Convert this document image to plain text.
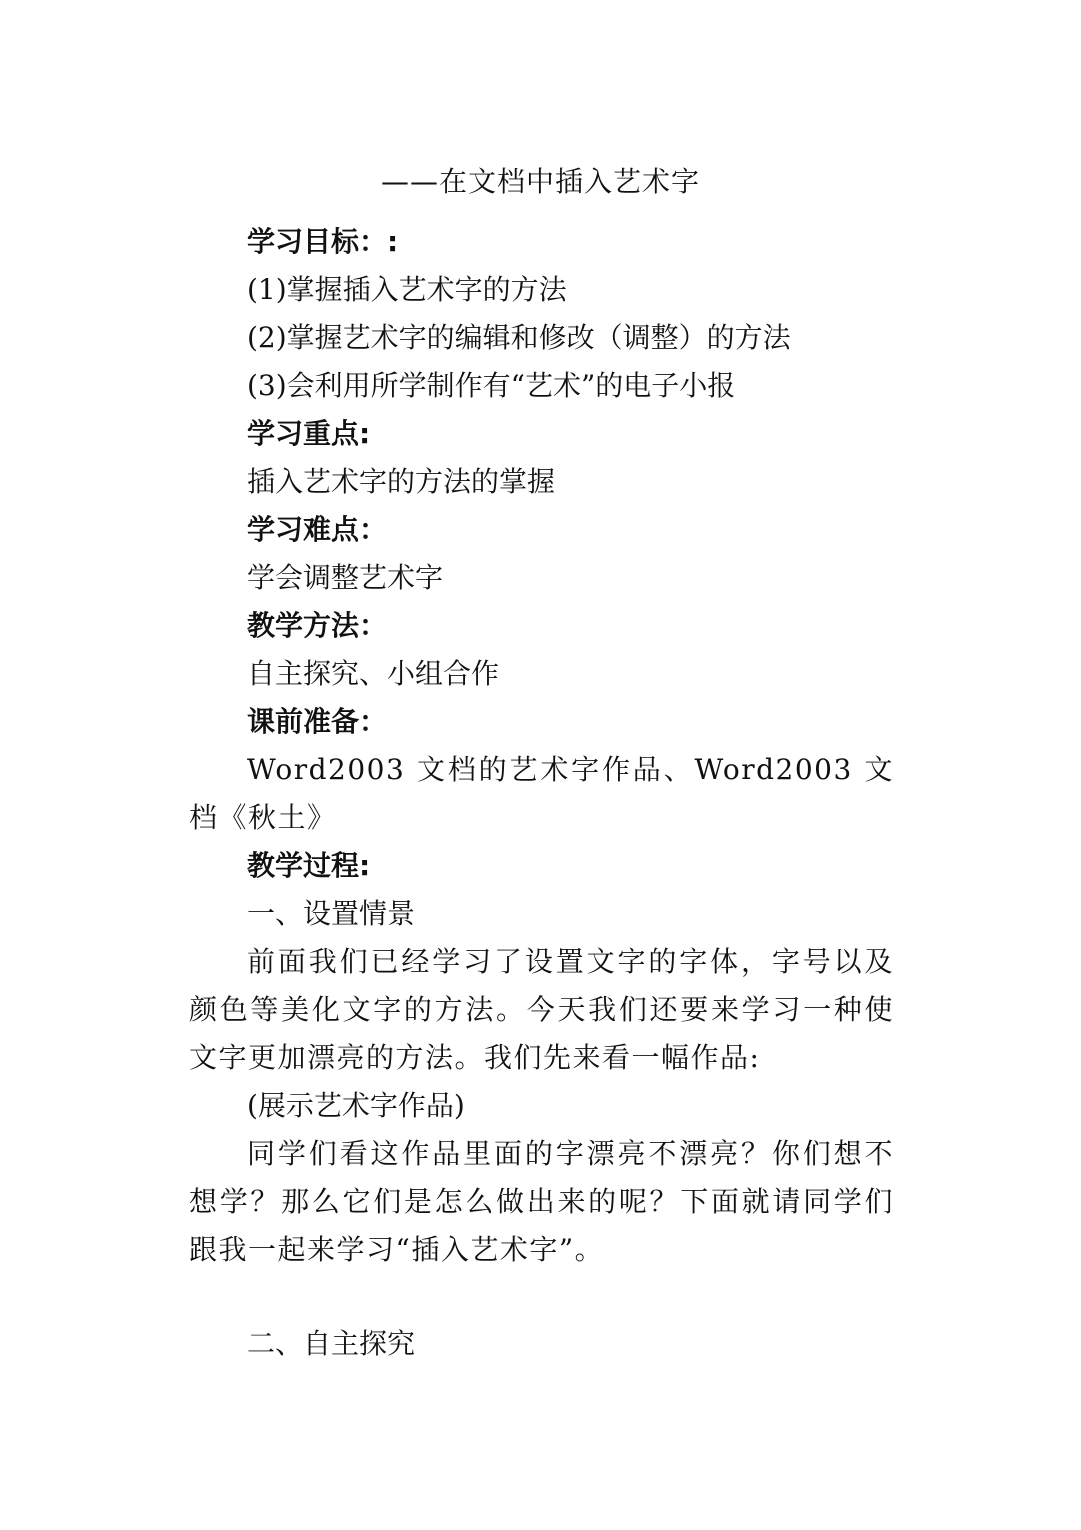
——在文档中插入艺术字

学习目标：:

(1)掌握插入艺术字的方法

(2)掌握艺术字的编辑和修改（调整）的方法

(3)会利用所学制作有“艺术”的电子小报

学习重点:

插入艺术字的方法的掌握

学习难点：

学会调整艺术字

教学方法：

自主探究、小组合作

课前准备：

Word2003 文档的艺术字作品、Word2003 文档《秋土》

教学过程:

一、设置情景

前面我们已经学习了设置文字的字体，字号以及颜色等美化文字的方法。今天我们还要来学习一种使文字更加漂亮的方法。我们先来看一幅作品:

(展示艺术字作品)

同学们看这作品里面的字漂亮不漂亮？你们想不想学？那么它们是怎么做出来的呢？下面就请同学们跟我一起来学习“插入艺术字”。

二、自主探究
